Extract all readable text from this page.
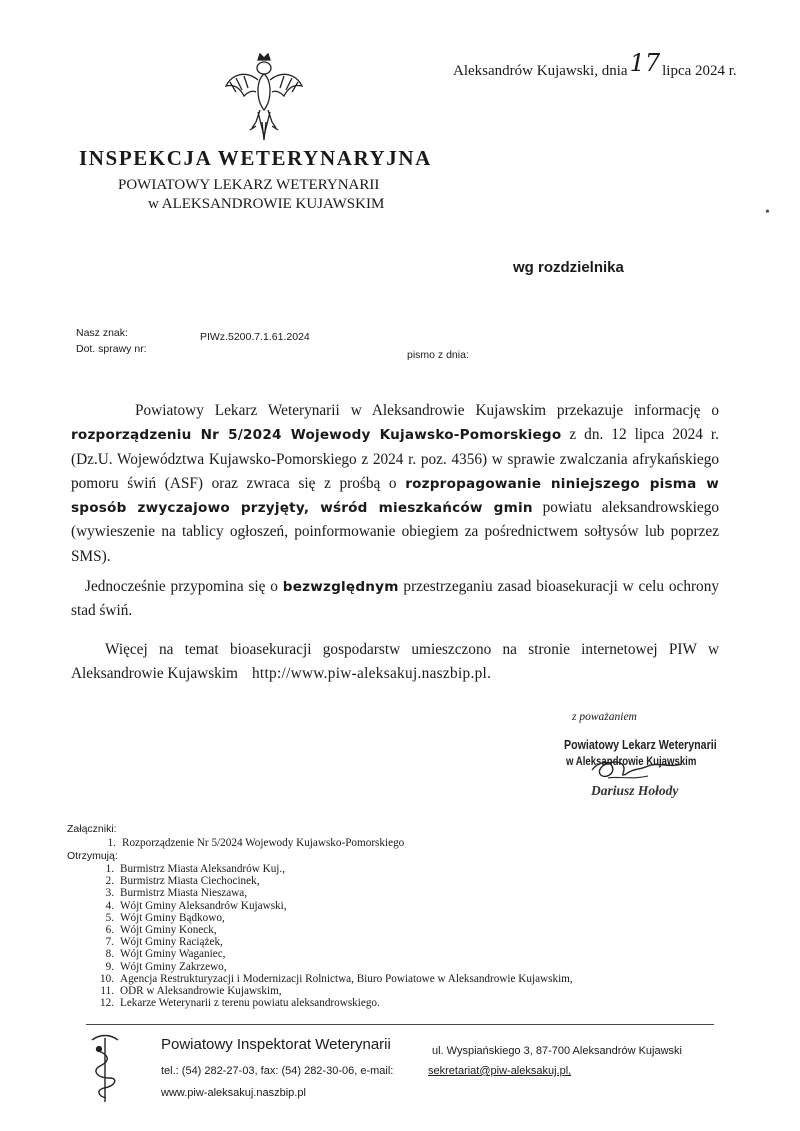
Aleksandrów Kujawski, dnia17 lipca 2024 r.
INSPEKCJA WETERYNARYJNA
POWIATOWY LEKARZ WETERYNARII
w ALEKSANDROWIE KUJAWSKIM
•
wg rozdzielnika
Nasz znak:	PIWz.5200.7.1.61.2024
Dot. sprawy nr:	pismo z dnia:

Powiatowy Lekarz Weterynarii w Aleksandrowie Kujawskim przekazuje informację o rozporządzeniu Nr 5/2024 Wojewody Kujawsko-Pomorskiego z dn. 12 lipca 2024 r. (Dz.U. Województwa Kujawsko-Pomorskiego z 2024 r. poz. 4356) w sprawie zwalczania afrykańskiego pomoru świń (ASF) oraz zwraca się z prośbą o rozpropagowanie niniejszego pisma w sposób zwyczajowo przyjęty, wśród mieszkańców gmin powiatu aleksandrowskiego (wywieszenie na tablicy ogłoszeń, poinformowanie obiegiem za pośrednictwem sołtysów lub poprzez SMS).

Jednocześnie przypomina się o bezwzględnym przestrzeganiu zasad bioasekuracji w celu ochrony stad świń.

Więcej na temat bioasekuracji gospodarstw umieszczono na stronie internetowej PIW w Aleksandrowie Kujawskim http://www.piw-aleksakuj.naszbip.pl.

z poważaniem
Powiatowy Lekarz Weterynarii
w Aleksandrowie Kujawskim
Dariusz Hołody
Załączniki:
1. Rozporządzenie Nr 5/2024 Wojewody Kujawsko-Pomorskiego
Otrzymują:
1. Burmistrz Miasta Aleksandrów Kuj.,
2. Burmistrz Miasta Ciechocinek,
3. Burmistrz Miasta Nieszawa,
4. Wójt Gminy Aleksandrów Kujawski,
5. Wójt Gminy Bądkowo,
6. Wójt Gminy Koneck,
7. Wójt Gminy Raciążek,
8. Wójt Gminy Waganiec,
9. Wójt Gminy Zakrzewo,
10. Agencja Restrukturyzacji i Modernizacji Rolnictwa, Biuro Powiatowe w Aleksandrowie Kujawskim,
11. ODR w Aleksandrowie Kujawskim,
12. Lekarze Weterynarii z terenu powiatu aleksandrowskiego.
Powiatowy Inspektorat Weterynarii	ul. Wyspiańskiego 3, 87-700 Aleksandrów Kujawski
tel.: (54) 282-27-03, fax: (54) 282-30-06, e-mail:	sekretariat@piw-aleksakuj.pl,
www.piw-aleksakuj.naszbip.pl
